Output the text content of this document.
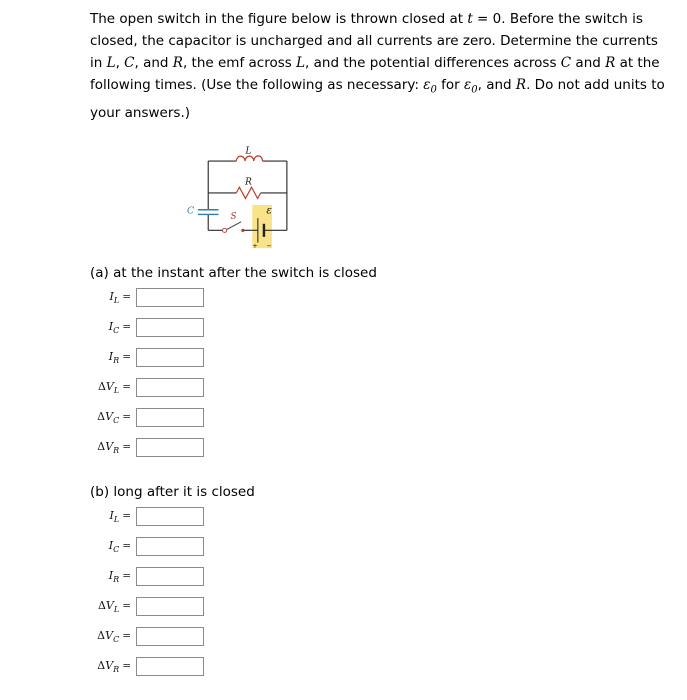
The open switch in the figure below is thrown closed at t = 0. Before the switch is closed, the capacitor is uncharged and all currents are zero. Determine the currents in L, C, and R, the emf across L, and the potential differences across C and R at the following times. (Use the following as necessary: $\varepsilon_0$ for $\varepsilon_0$, and R. Do not add units to your answers.)

L
R
C
S
ε
+ −
(a) at the instant after the switch is closed
$I_L$ =
$I_C$ =
$I_R$ =
$\Delta V_L$ =
$\Delta V_C$ =
$\Delta V_R$ =
(b) long after it is closed
$I_L$ =
$I_C$ =
$I_R$ =
$\Delta V_L$ =
$\Delta V_C$ =
$\Delta V_R$ =
